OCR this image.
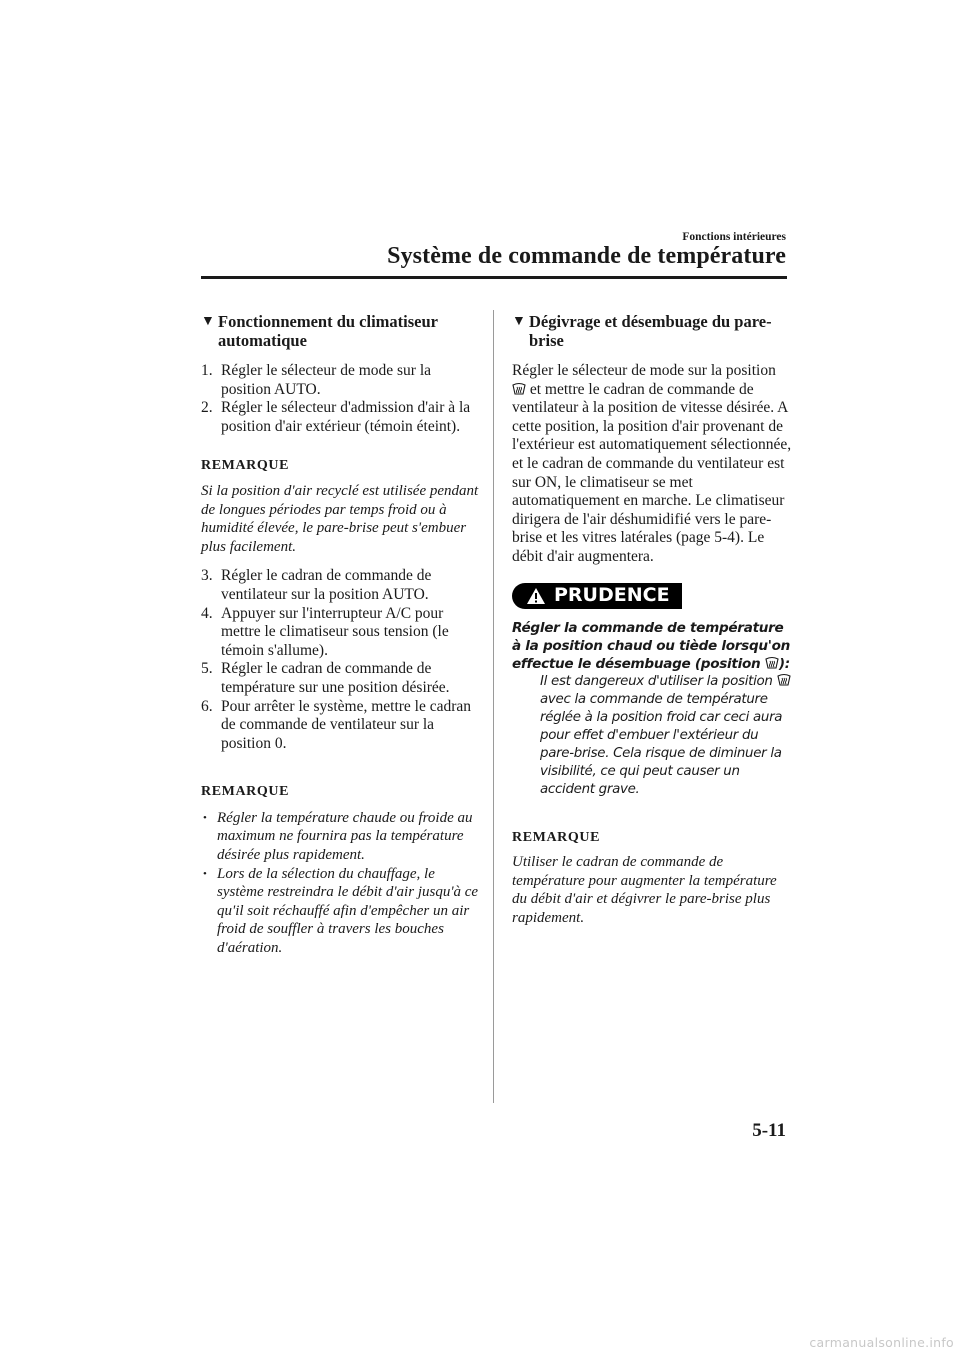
Fonctions intérieures
Système de commande de température
▼ Fonctionnement du climatiseur automatique
1. Régler le sélecteur de mode sur la position AUTO.
2. Régler le sélecteur d'admission d'air à la position d'air extérieur (témoin éteint).
REMARQUE
Si la position d'air recyclé est utilisée pendant de longues périodes par temps froid ou à humidité élevée, le pare-brise peut s'embuer plus facilement.
3. Régler le cadran de commande de ventilateur sur la position AUTO.
4. Appuyer sur l'interrupteur A/C pour mettre le climatiseur sous tension (le témoin s'allume).
5. Régler le cadran de commande de température sur une position désirée.
6. Pour arrêter le système, mettre le cadran de commande de ventilateur sur la position 0.
REMARQUE
• Régler la température chaude ou froide au maximum ne fournira pas la température désirée plus rapidement.
• Lors de la sélection du chauffage, le système restreindra le débit d'air jusqu'à ce qu'il soit réchauffé afin d'empêcher un air froid de souffler à travers les bouches d'aération.
▼ Dégivrage et désembuage du pare-brise

Régler le sélecteur de mode sur la position  et mettre le cadran de commande de ventilateur à la position de vitesse désirée. A cette position, la position d'air provenant de l'extérieur est automatiquement sélectionnée, et le cadran de commande du ventilateur est sur ON, le climatiseur se met automatiquement en marche. Le climatiseur dirigera de l'air déshumidifié vers le pare-brise et les vitres latérales (page 5-4). Le débit d'air augmentera.

PRUDENCE
Régler la commande de température à la position chaud ou tiède lorsqu'on effectue le désembuage (position ):
Il est dangereux d'utiliser la position  avec la commande de température réglée à la position froid car ceci aura pour effet d'embuer l'extérieur du pare-brise. Cela risque de diminuer la visibilité, ce qui peut causer un accident grave.
REMARQUE
Utiliser le cadran de commande de température pour augmenter la température du débit d'air et dégivrer le pare-brise plus rapidement.
5-11
carmanualsonline.info
